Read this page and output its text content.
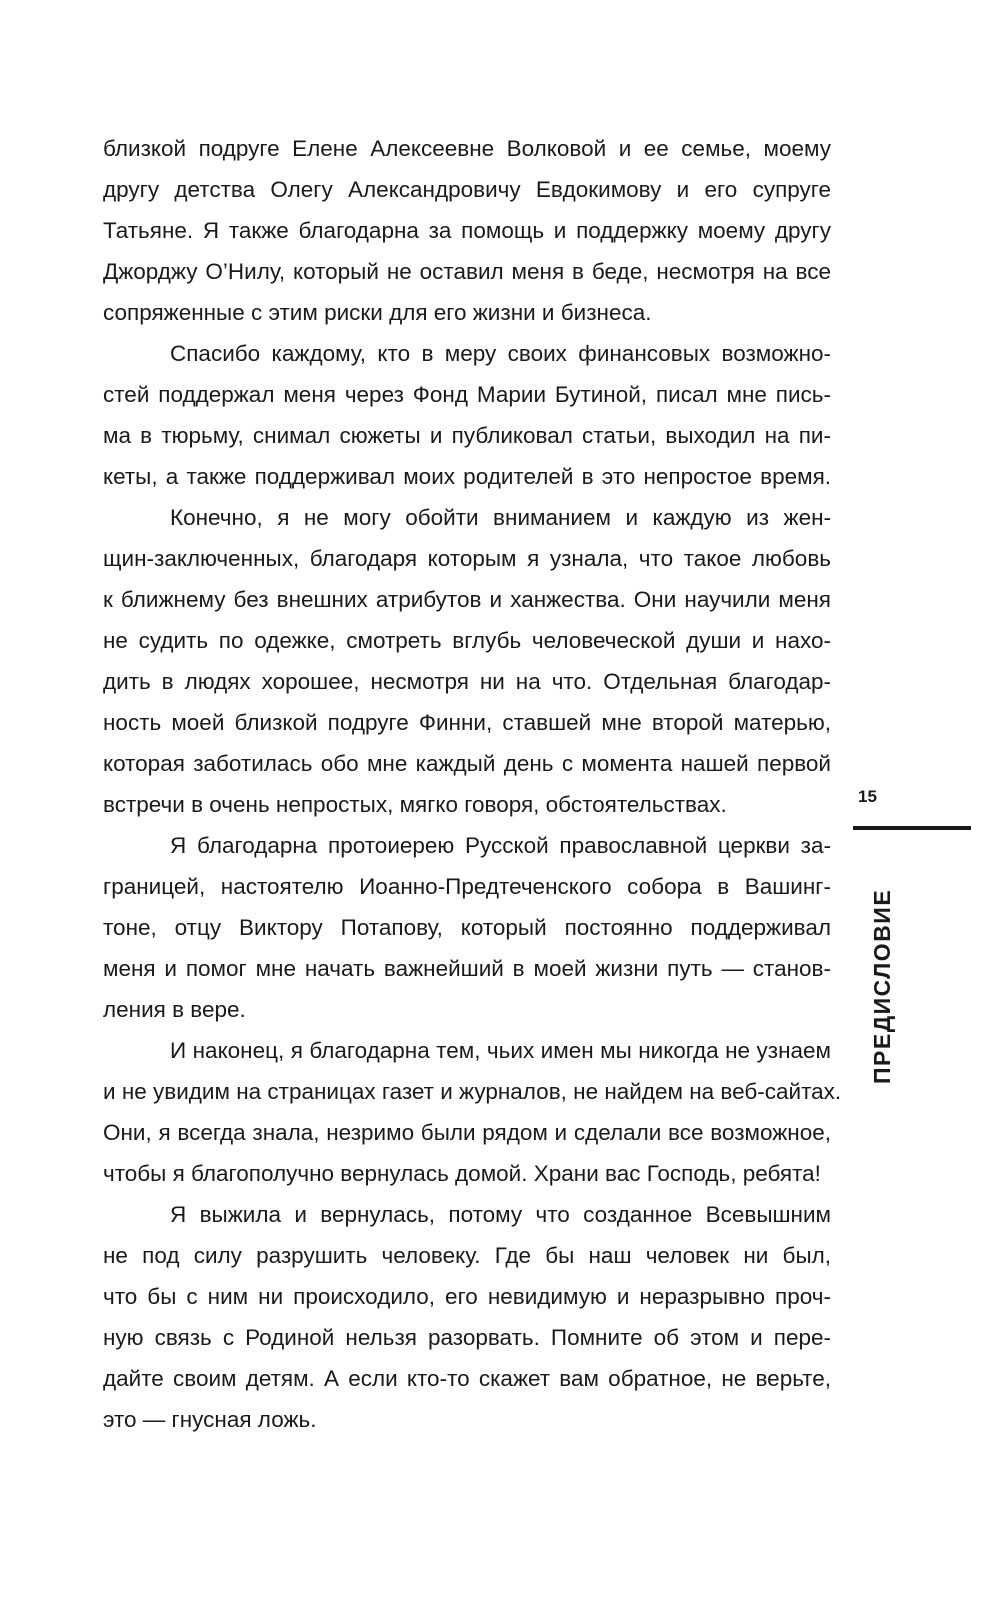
близкой подруге Елене Алексеевне Волковой и ее семье, моему
другу детства Олегу Александровичу Евдокимову и его супруге
Татьяне. Я также благодарна за помощь и поддержку моему другу
Джорджу О’Нилу, который не оставил меня в беде, несмотря на все
сопряженные с этим риски для его жизни и бизнеса.
Спасибо каждому, кто в меру своих финансовых возможно-
стей поддержал меня через Фонд Марии Бутиной, писал мне пись-
ма в тюрьму, снимал сюжеты и публиковал статьи, выходил на пи-
кеты, а также поддерживал моих родителей в это непростое время.
Конечно, я не могу обойти вниманием и каждую из жен-
щин-заключенных, благодаря которым я узнала, что такое любовь
к ближнему без внешних атрибутов и ханжества. Они научили меня
не судить по одежке, смотреть вглубь человеческой души и нахо-
дить в людях хорошее, несмотря ни на что. Отдельная благодар-
ность моей близкой подруге Финни, ставшей мне второй матерью,
которая заботилась обо мне каждый день с момента нашей первой
встречи в очень непростых, мягко говоря, обстоятельствах.
Я благодарна протоиерею Русской православной церкви за-
границей, настоятелю Иоанно-Предтеченского собора в Вашинг-
тоне, отцу Виктору Потапову, который постоянно поддерживал
меня и помог мне начать важнейший в моей жизни путь — станов-
ления в вере.
И наконец, я благодарна тем, чьих имен мы никогда не узнаем
и не увидим на страницах газет и журналов, не найдем на веб-сайтах.
Они, я всегда знала, незримо были рядом и сделали все возможное,
чтобы я благополучно вернулась домой. Храни вас Господь, ребята!
Я выжила и вернулась, потому что созданное Всевышним
не под силу разрушить человеку. Где бы наш человек ни был,
что бы с ним ни происходило, его невидимую и неразрывно проч-
ную связь с Родиной нельзя разорвать. Помните об этом и пере-
дайте своим детям. А если кто-то скажет вам обратное, не верьте,
это — гнусная ложь.
15
ПРЕДИСЛОВИЕ
